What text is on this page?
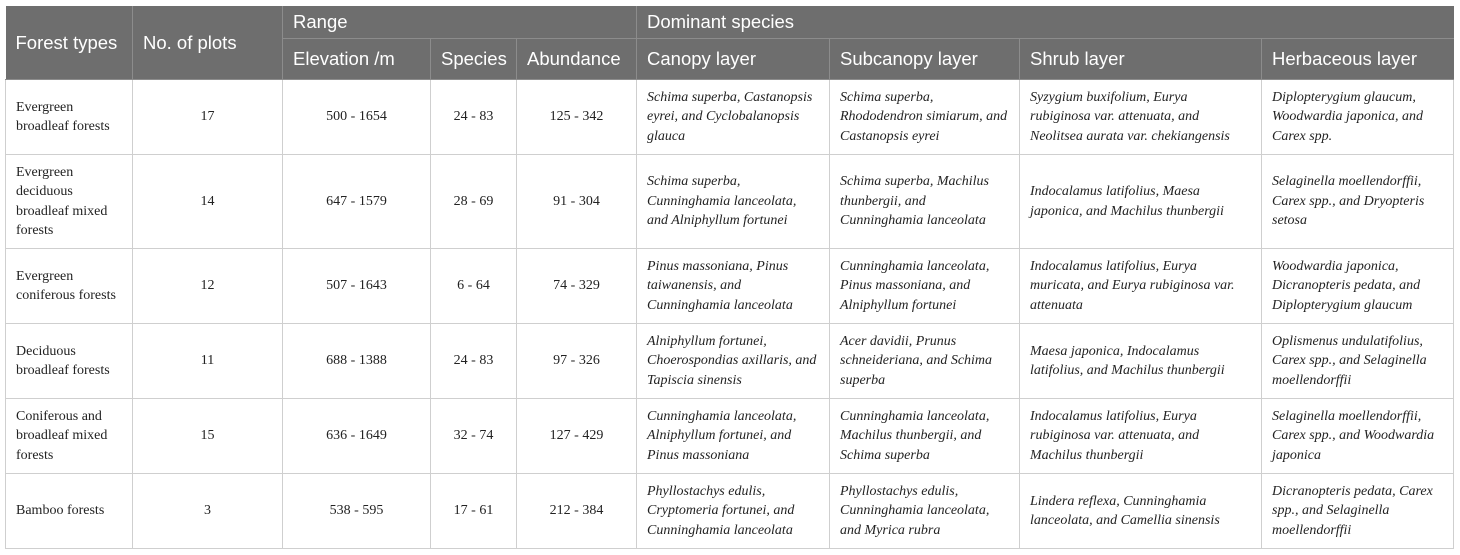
Forest types	No. of plots	Range			Dominant species			
		Elevation /m	Species	Abundance	Canopy layer	Subcanopy layer	Shrub layer	Herbaceous layer
Evergreen broadleaf forests	17	500 - 1654	24 - 83	125 - 342	Schima superba, Castanopsis eyrei, and Cyclobalanopsis glauca	Schima superba, Rhododendron simiarum, and Castanopsis eyrei	Syzygium buxifolium, Eurya rubiginosa var. attenuata, and Neolitsea aurata var. chekiangensis	Diplopterygium glaucum, Woodwardia japonica, and Carex spp.
Evergreen deciduous broadleaf mixed forests	14	647 - 1579	28 - 69	91 - 304	Schima superba, Cunninghamia lanceolata, and Alniphyllum fortunei	Schima superba, Machilus thunbergii, and Cunninghamia lanceolata	Indocalamus latifolius, Maesa japonica, and Machilus thunbergii	Selaginella moellendorffii, Carex spp., and Dryopteris setosa
Evergreen coniferous forests	12	507 - 1643	6 - 64	74 - 329	Pinus massoniana, Pinus taiwanensis, and Cunninghamia lanceolata	Cunninghamia lanceolata, Pinus massoniana, and Alniphyllum fortunei	Indocalamus latifolius, Eurya muricata, and Eurya rubiginosa var. attenuata	Woodwardia japonica, Dicranopteris pedata, and Diplopterygium glaucum
Deciduous broadleaf forests	11	688 - 1388	24 - 83	97 - 326	Alniphyllum fortunei, Choerospondias axillaris, and Tapiscia sinensis	Acer davidii, Prunus schneideriana, and Schima superba	Maesa japonica, Indocalamus latifolius, and Machilus thunbergii	Oplismenus undulatifolius, Carex spp., and Selaginella moellendorffii
Coniferous and broadleaf mixed forests	15	636 - 1649	32 - 74	127 - 429	Cunninghamia lanceolata, Alniphyllum fortunei, and Pinus massoniana	Cunninghamia lanceolata, Machilus thunbergii, and Schima superba	Indocalamus latifolius, Eurya rubiginosa var. attenuata, and Machilus thunbergii	Selaginella moellendorffii, Carex spp., and Woodwardia japonica
Bamboo forests	3	538 - 595	17 - 61	212 - 384	Phyllostachys edulis, Cryptomeria fortunei, and Cunninghamia lanceolata	Phyllostachys edulis, Cunninghamia lanceolata, and Myrica rubra	Lindera reflexa, Cunninghamia lanceolata, and Camellia sinensis	Dicranopteris pedata, Carex spp., and Selaginella moellendorffii
